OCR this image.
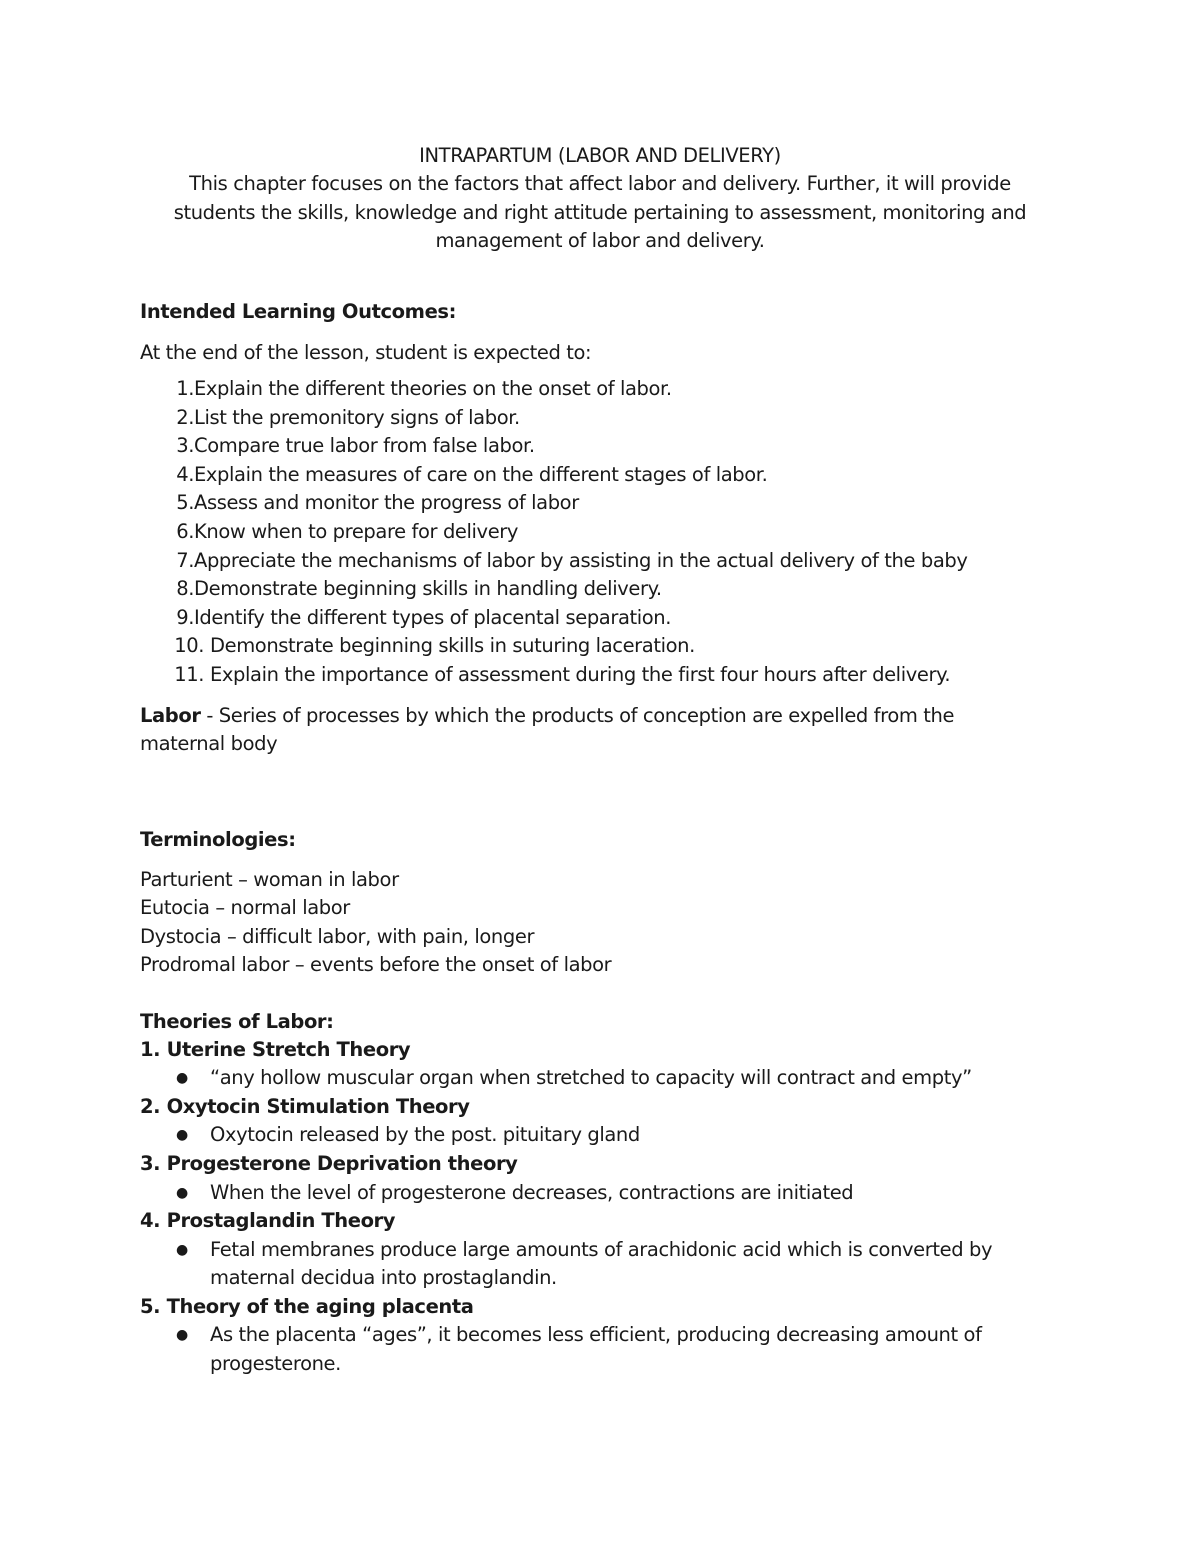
INTRAPARTUM (LABOR AND DELIVERY)
This chapter focuses on the factors that affect labor and delivery. Further, it will provide
students the skills, knowledge and right attitude pertaining to assessment, monitoring and
management of labor and delivery.
Intended Learning Outcomes:
At the end of the lesson, student is expected to:
1. Explain the different theories on the onset of labor.
2. List the premonitory signs of labor.
3. Compare true labor from false labor.
4. Explain the measures of care on the different stages of labor.
5. Assess and monitor the progress of labor
6. Know when to prepare for delivery
7. Appreciate the mechanisms of labor by assisting in the actual delivery of the baby
8. Demonstrate beginning skills in handling delivery.
9. Identify the different types of placental separation.
10. Demonstrate beginning skills in suturing laceration.
11. Explain the importance of assessment during the first four hours after delivery.
Labor - Series of processes by which the products of conception are expelled from the
maternal body
Terminologies:
Parturient – woman in labor
Eutocia – normal labor
Dystocia – difficult labor, with pain, longer
Prodromal labor – events before the onset of labor
Theories of Labor:
1. Uterine Stretch Theory
●	“any hollow muscular organ when stretched to capacity will contract and empty”
2. Oxytocin Stimulation Theory
●	Oxytocin released by the post. pituitary gland
3. Progesterone Deprivation theory
●	When the level of progesterone decreases, contractions are initiated
4. Prostaglandin Theory
●	Fetal membranes produce large amounts of arachidonic acid which is converted by
maternal decidua into prostaglandin.
5. Theory of the aging placenta
●	As the placenta “ages”, it becomes less efficient, producing decreasing amount of
progesterone.
